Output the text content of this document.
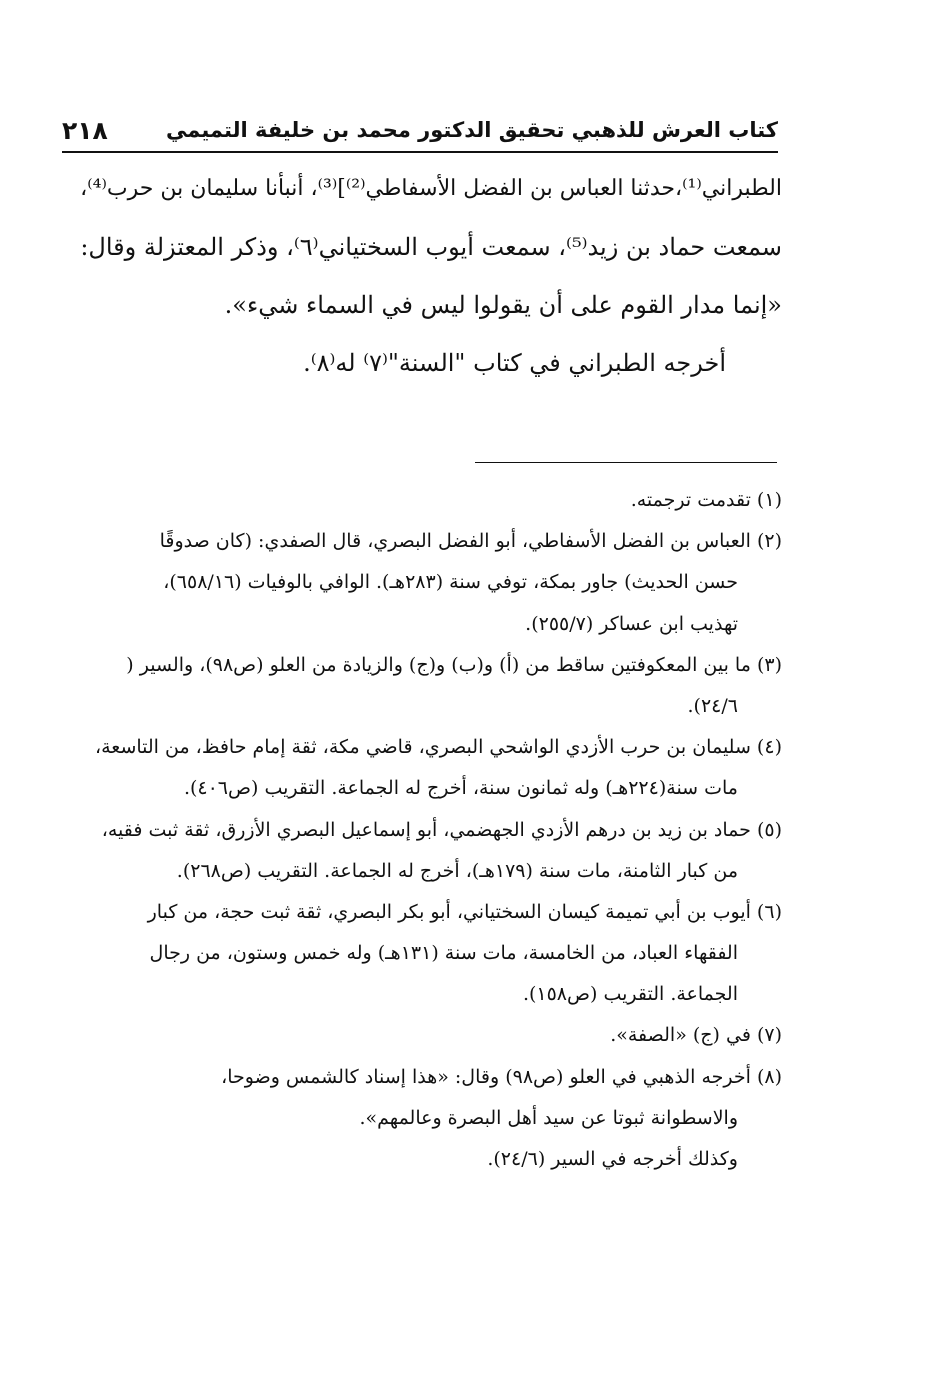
كتاب العرش للذهبي تحقيق الدكتور محمد بن خليفة التميمي
٢١٨
الطبراني⁽¹⁾،حدثنا العباس بن الفضل الأسفاطي⁽²⁾]⁽³⁾، أنبأنا سليمان بن حرب⁽⁴⁾،
سمعت حماد بن زيد⁽⁵⁾، سمعت أيوب السختياني⁽٦⁾، وذكر المعتزلة وقال:
«إنما مدار القوم على أن يقولوا ليس في السماء شيء».
أخرجه الطبراني في كتاب "السنة"⁽٧⁾ له⁽٨⁾.
(١) تقدمت ترجمته.
(٢) العباس بن الفضل الأسفاطي، أبو الفضل البصري، قال الصفدي: (كان صدوقًا
حسن الحديث) جاور بمكة، توفي سنة (٢٨٣هـ). الوافي بالوفيات (٦٥٨/١٦)،
تهذيب ابن عساكر (٢٥٥/٧).
(٣) ما بين المعكوفتين ساقط من (أ) و(ب) و(ج) والزيادة من العلو (ص٩٨)، والسير (
٢٤/٦).
(٤) سليمان بن حرب الأزدي الواشحي البصري، قاضي مكة، ثقة إمام حافظ، من التاسعة،
مات سنة(٢٢٤هـ) وله ثمانون سنة، أخرج له الجماعة. التقريب (ص٤٠٦).
(٥) حماد بن زيد بن درهم الأزدي الجهضمي، أبو إسماعيل البصري الأزرق، ثقة ثبت فقيه،
من كبار الثامنة، مات سنة (١٧٩هـ)، أخرج له الجماعة. التقريب (ص٢٦٨).
(٦) أيوب بن أبي تميمة كيسان السختياني، أبو بكر البصري، ثقة ثبت حجة، من كبار
الفقهاء العباد، من الخامسة، مات سنة (١٣١هـ) وله خمس وستون، من رجال
الجماعة. التقريب (ص١٥٨).
(٧) في (ج) «الصفة».
(٨) أخرجه الذهبي في العلو (ص٩٨) وقال: «هذا إسناد كالشمس وضوحا،
والاسطوانة ثبوتا عن سيد أهل البصرة وعالمهم».
وكذلك أخرجه في السير (٢٤/٦).
